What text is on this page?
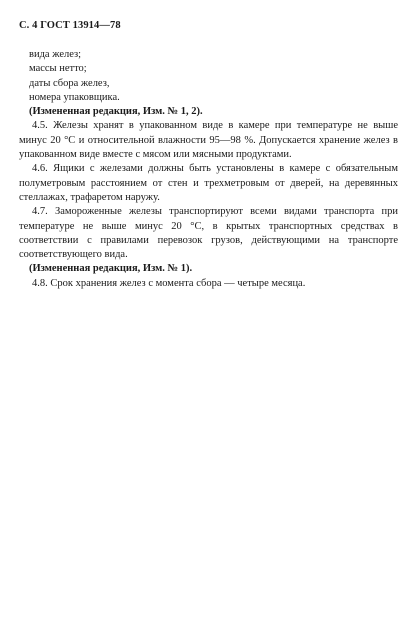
С. 4 ГОСТ 13914—78

вида желез;

массы нетто;

даты сбора желез,

номера упаковщика.

(Измененная редакция, Изм. № 1, 2).

4.5. Железы хранят в упакованном виде в камере при температуре не выше минус 20 °С и относительной влажности 95—98 %. Допускается хранение желез в упакованном виде вместе с мясом или мясными продуктами.

4.6. Ящики с железами должны быть установлены в камере с обязательным полуметровым расстоянием от стен и трехметровым от дверей, на деревянных стеллажах, трафаретом наружу.

4.7. Замороженные железы транспортируют всеми видами транспорта при температуре не выше минус 20 °С, в крытых транспортных средствах в соответствии с правилами перевозок грузов, действующими на транспорте соответствующего вида.

(Измененная редакция, Изм. № 1).

4.8. Срок хранения желез с момента сбора — четыре месяца.
